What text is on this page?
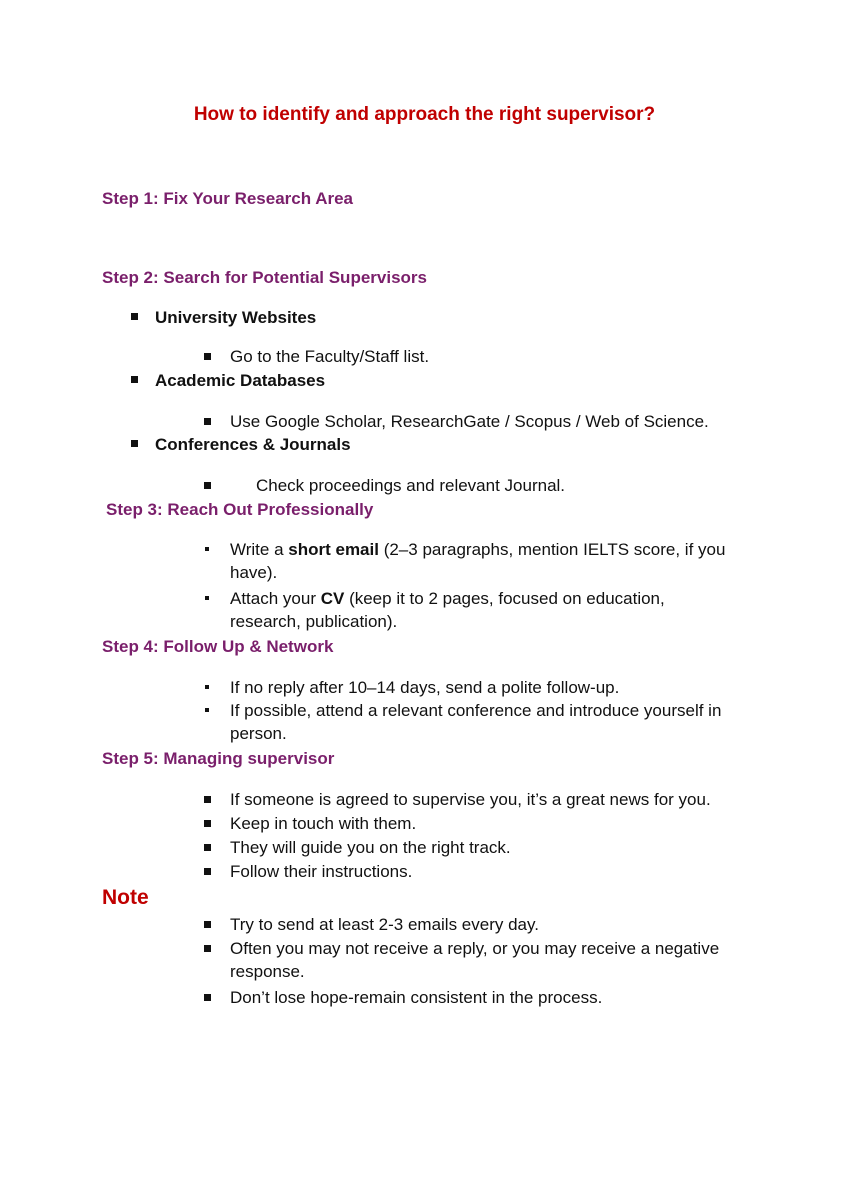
How to identify and approach the right supervisor?
Step 1: Fix Your Research Area
Step 2: Search for Potential Supervisors
University Websites
Go to the Faculty/Staff list.
Academic Databases
Use Google Scholar, ResearchGate / Scopus / Web of Science.
Conferences & Journals
Check proceedings and relevant Journal.
Step 3: Reach Out Professionally
Write a short email (2–3 paragraphs, mention IELTS score, if you have).
Attach your CV (keep it to 2 pages, focused on education, research, publication).
Step 4: Follow Up & Network
If no reply after 10–14 days, send a polite follow-up.
If possible, attend a relevant conference and introduce yourself in person.
Step 5: Managing supervisor
If someone is agreed to supervise you, it’s a great news for you.
Keep in touch with them.
They will guide you on the right track.
Follow their instructions.
Note
Try to send at least 2-3 emails every day.
Often you may not receive a reply, or you may receive a negative response.
Don’t lose hope-remain consistent in the process.
